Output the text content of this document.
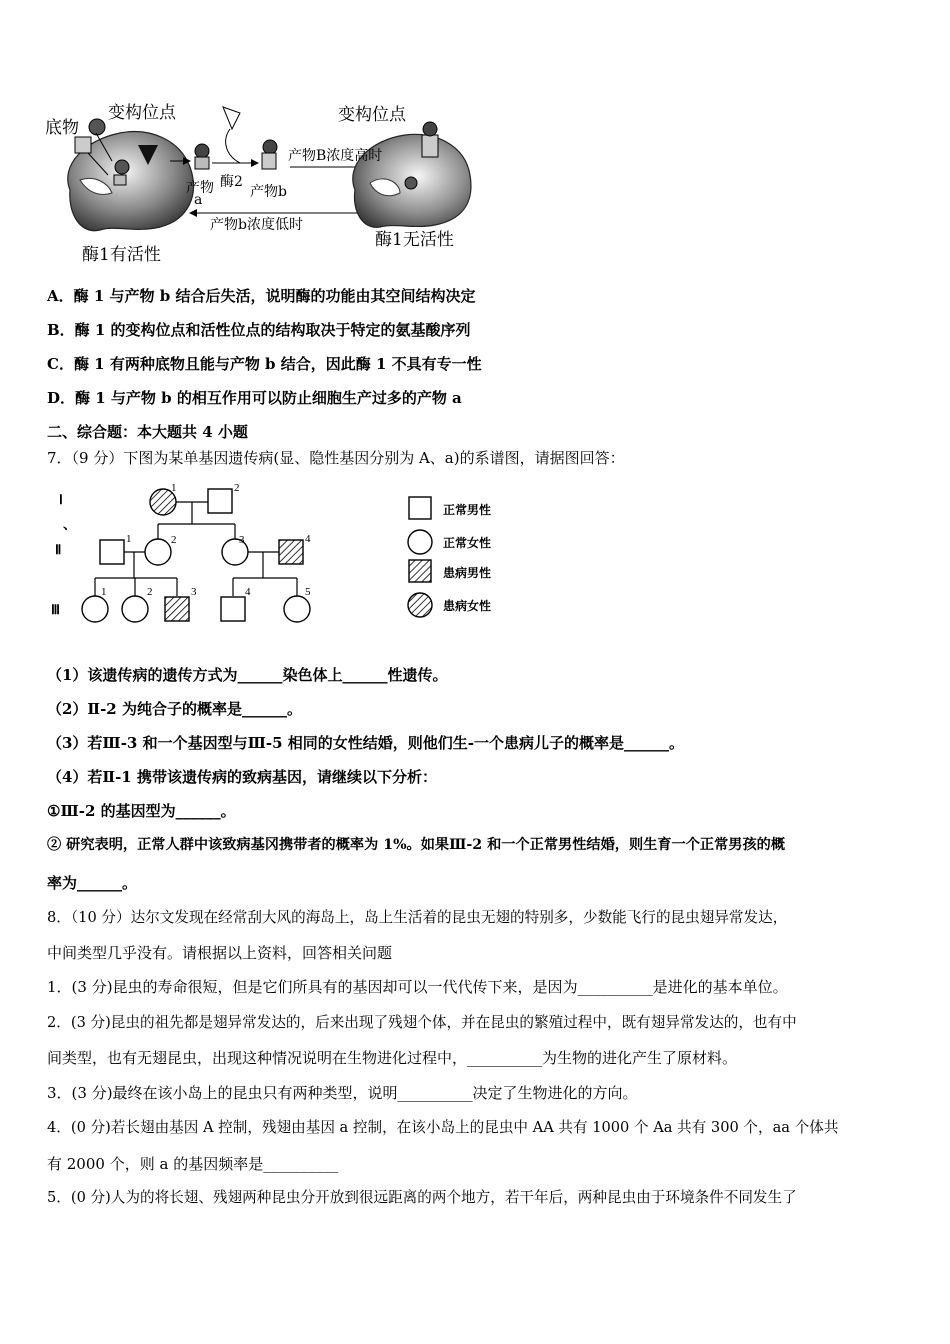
底物
变构位点	变构位点
产物
a
酶2
产物b
产物B浓度高时
产物b浓度低时
酶1有活性
酶1无活性
A．酶 1 与产物 b 结合后失活，说明酶的功能由其空间结构决定
B．酶 1 的变构位点和活性位点的结构取决于特定的氨基酸序列
C．酶 1 有两种底物且能与产物 b 结合，因此酶 1 不具有专一性
D．酶 1 与产物 b 的相互作用可以防止细胞生产过多的产物 a
二、综合题：本大题共 4 小题
7．（9 分）下图为某单基因遗传病(显、隐性基因分别为 A、a)的系谱图，请据图回答：
Ⅰ
、
Ⅱ
Ⅲ
1	2
1	2	3	4
1	2	3	4	5
正常男性
正常女性
患病男性
患病女性
（1）该遗传病的遗传方式为______染色体上______性遗传。
（2）Ⅱ-2 为纯合子的概率是______。
（3）若Ⅲ-3 和一个基因型与Ⅲ-5 相同的女性结婚，则他们生-一个患病儿子的概率是______。
（4）若Ⅱ-1 携带该遗传病的致病基因，请继续以下分析：
①Ⅲ-2 的基因型为______。
② 研究表明，正常人群中该致病基冈携带者的概率为 1%。如果Ⅲ-2 和一个正常男性结婚，则生育一个正常男孩的概
率为______。
8．（10 分）达尔文发现在经常刮大风的海岛上，岛上生活着的昆虫无翅的特别多，少数能飞行的昆虫翅异常发达，
中间类型几乎没有。请根据以上资料，回答相关问题
1．(3 分)昆虫的寿命很短，但是它们所具有的基因却可以一代代传下来，是因为__________是进化的基本单位。
2．(3 分)昆虫的祖先都是翅异常发达的，后来出现了残翅个体，并在昆虫的繁殖过程中，既有翅异常发达的，也有中
间类型，也有无翅昆虫，出现这种情况说明在生物进化过程中，__________为生物的进化产生了原材料。
3．(3 分)最终在该小岛上的昆虫只有两种类型，说明__________决定了生物进化的方向。
4．(0 分)若长翅由基因 A 控制，残翅由基因 a 控制，在该小岛上的昆虫中 AA 共有 1000 个 Aa 共有 300 个，aa 个体共
有 2000 个，则 a 的基因频率是__________
5．(0 分)人为的将长翅、残翅两种昆虫分开放到很远距离的两个地方，若干年后，两种昆虫由于环境条件不同发生了
